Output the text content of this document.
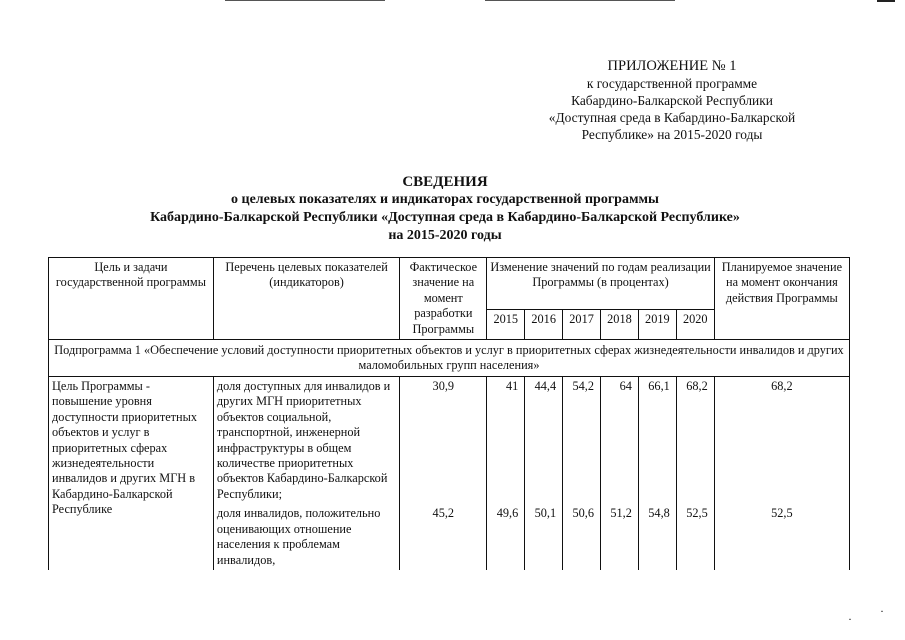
ПРИЛОЖЕНИЕ № 1
к государственной программе
Кабардино-Балкарской Республики
«Доступная среда в Кабардино-Балкарской
Республике» на 2015-2020 годы
СВЕДЕНИЯ
о целевых показателях и индикаторах государственной программы
Кабардино-Балкарской Республики «Доступная среда в Кабардино-Балкарской Республике»
на 2015-2020 годы
Цель и задачи государственной программы	Перечень целевых показателей (индикаторов)	Фактическое значение на момент разработки Программы	Изменение значений по годам реализации Программы (в процентах)						Планируемое значение на момент окончания действия Программы
			2015	2016	2017	2018	2019	2020	
Подпрограмма 1 «Обеспечение условий доступности приоритетных объектов и услуг в приоритетных сферах жизнедеятельности инвалидов и других маломобильных групп населения»									
Цель Программы - повышение уровня доступности приоритетных объектов и услуг в приоритетных сферах жизнедеятельности инвалидов и других МГН в Кабардино-Балкарской Республике	доля доступных для инвалидов и других МГН приоритетных объектов социальной, транспортной, инженерной инфраструктуры в общем количестве приоритетных объектов Кабардино-Балкарской Республики;	30,9	41	44,4	54,2	64	66,1	68,2	68,2
	доля инвалидов, положительно оценивающих отношение населения к проблемам инвалидов,	45,2	49,6	50,1	50,6	51,2	54,8	52,5	52,5
·
·
